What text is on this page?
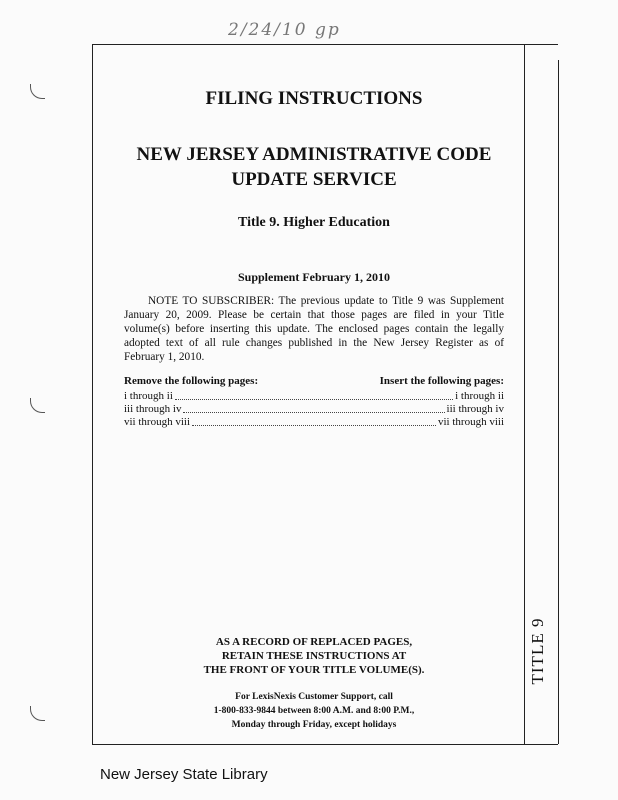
2/24/10 gp
TITLE 9
FILING INSTRUCTIONS
NEW JERSEY ADMINISTRATIVE CODE
UPDATE SERVICE
Title 9. Higher Education
Supplement February 1, 2010
NOTE TO SUBSCRIBER: The previous update to Title 9 was Supplement January 20, 2009. Please be certain that those pages are filed in your Title volume(s) before inserting this update. The enclosed pages contain the legally adopted text of all rule changes published in the New Jersey Register as of February 1, 2010.
Remove the following pages:	Insert the following pages:
i through ii	i through ii
iii through iv	iii through iv
vii through viii	vii through viii
AS A RECORD OF REPLACED PAGES,
RETAIN THESE INSTRUCTIONS AT
THE FRONT OF YOUR TITLE VOLUME(S).
For LexisNexis Customer Support, call
1-800-833-9844 between 8:00 A.M. and 8:00 P.M.,
Monday through Friday, except holidays
New Jersey State Library
